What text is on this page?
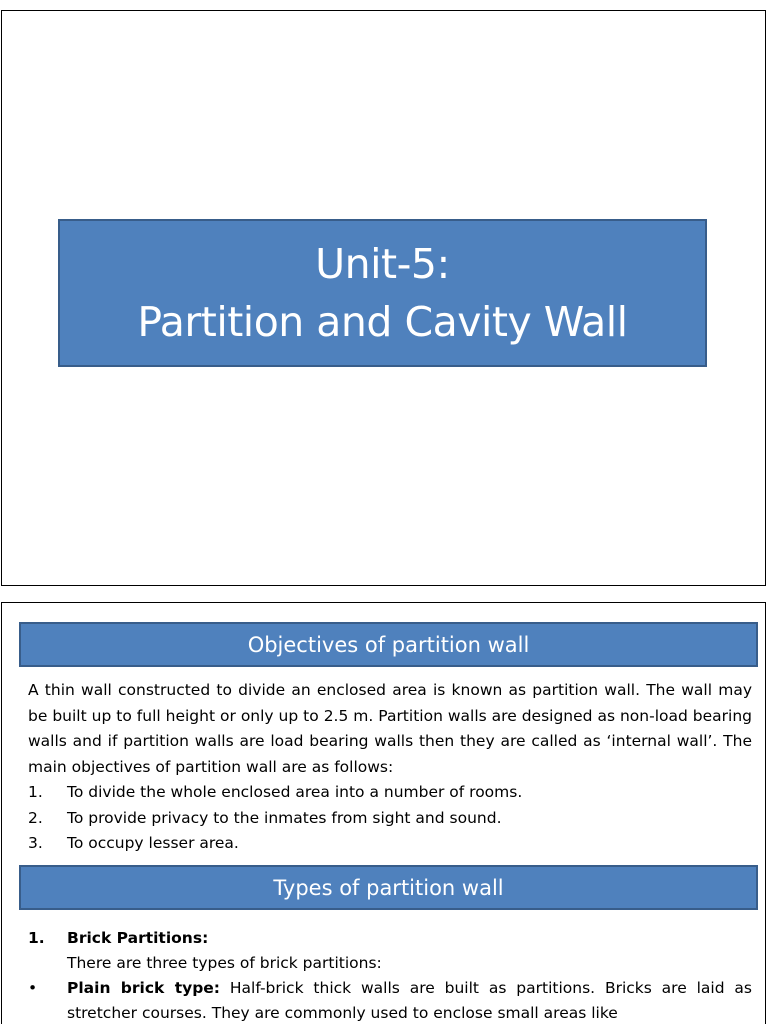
Unit-5:
Partition and Cavity Wall
Objectives of partition wall

A thin wall constructed to divide an enclosed area is known as partition wall. The wall may be built up to full height or only up to 2.5 m. Partition walls are designed as non-load bearing walls and if partition walls are load bearing walls then they are called as ‘internal wall’. The main objectives of partition wall are as follows:

1.	To divide the whole enclosed area into a number of rooms.
2.	To provide privacy to the inmates from sight and sound.
3.	To occupy lesser area.
Types of partition wall
1.	Brick Partitions:
There are three types of brick partitions:
•	Plain brick type: Half-brick thick walls are built as partitions. Bricks are laid as stretcher courses. They are commonly used to enclose small areas like
